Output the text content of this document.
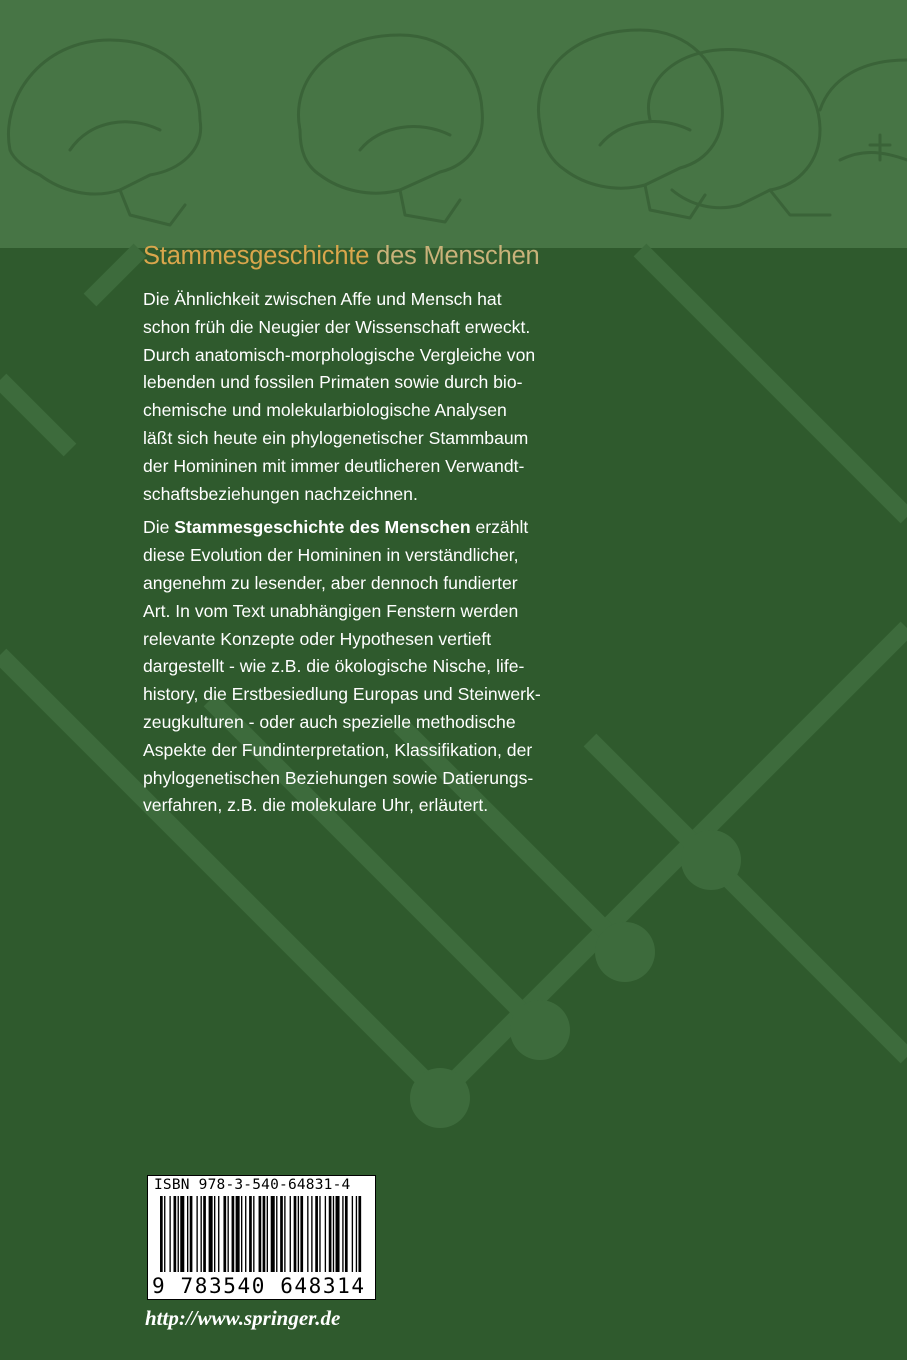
Stammesgeschichte des Menschen

Die Ähnlichkeit zwischen Affe und Mensch hat
schon früh die Neugier der Wissenschaft erweckt.
Durch anatomisch-morphologische Vergleiche von
lebenden und fossilen Primaten sowie durch bio-
chemische und molekularbiologische Analysen
läßt sich heute ein phylogenetischer Stammbaum
der Homininen mit immer deutlicheren Verwandt-
schaftsbeziehungen nachzeichnen.

Die Stammesgeschichte des Menschen erzählt
diese Evolution der Homininen in verständlicher,
angenehm zu lesender, aber dennoch fundierter
Art. In vom Text unabhängigen Fenstern werden
relevante Konzepte oder Hypothesen vertieft
dargestellt - wie z.B. die ökologische Nische, life-
history, die Erstbesiedlung Europas und Steinwerk-
zeugkulturen - oder auch spezielle methodische
Aspekte der Fundinterpretation, Klassifikation, der
phylogenetischen Beziehungen sowie Datierungs-
verfahren, z.B. die molekulare Uhr, erläutert.

9 783540 648314
ISBN 978-3-540-64831-4
http://www.springer.de
